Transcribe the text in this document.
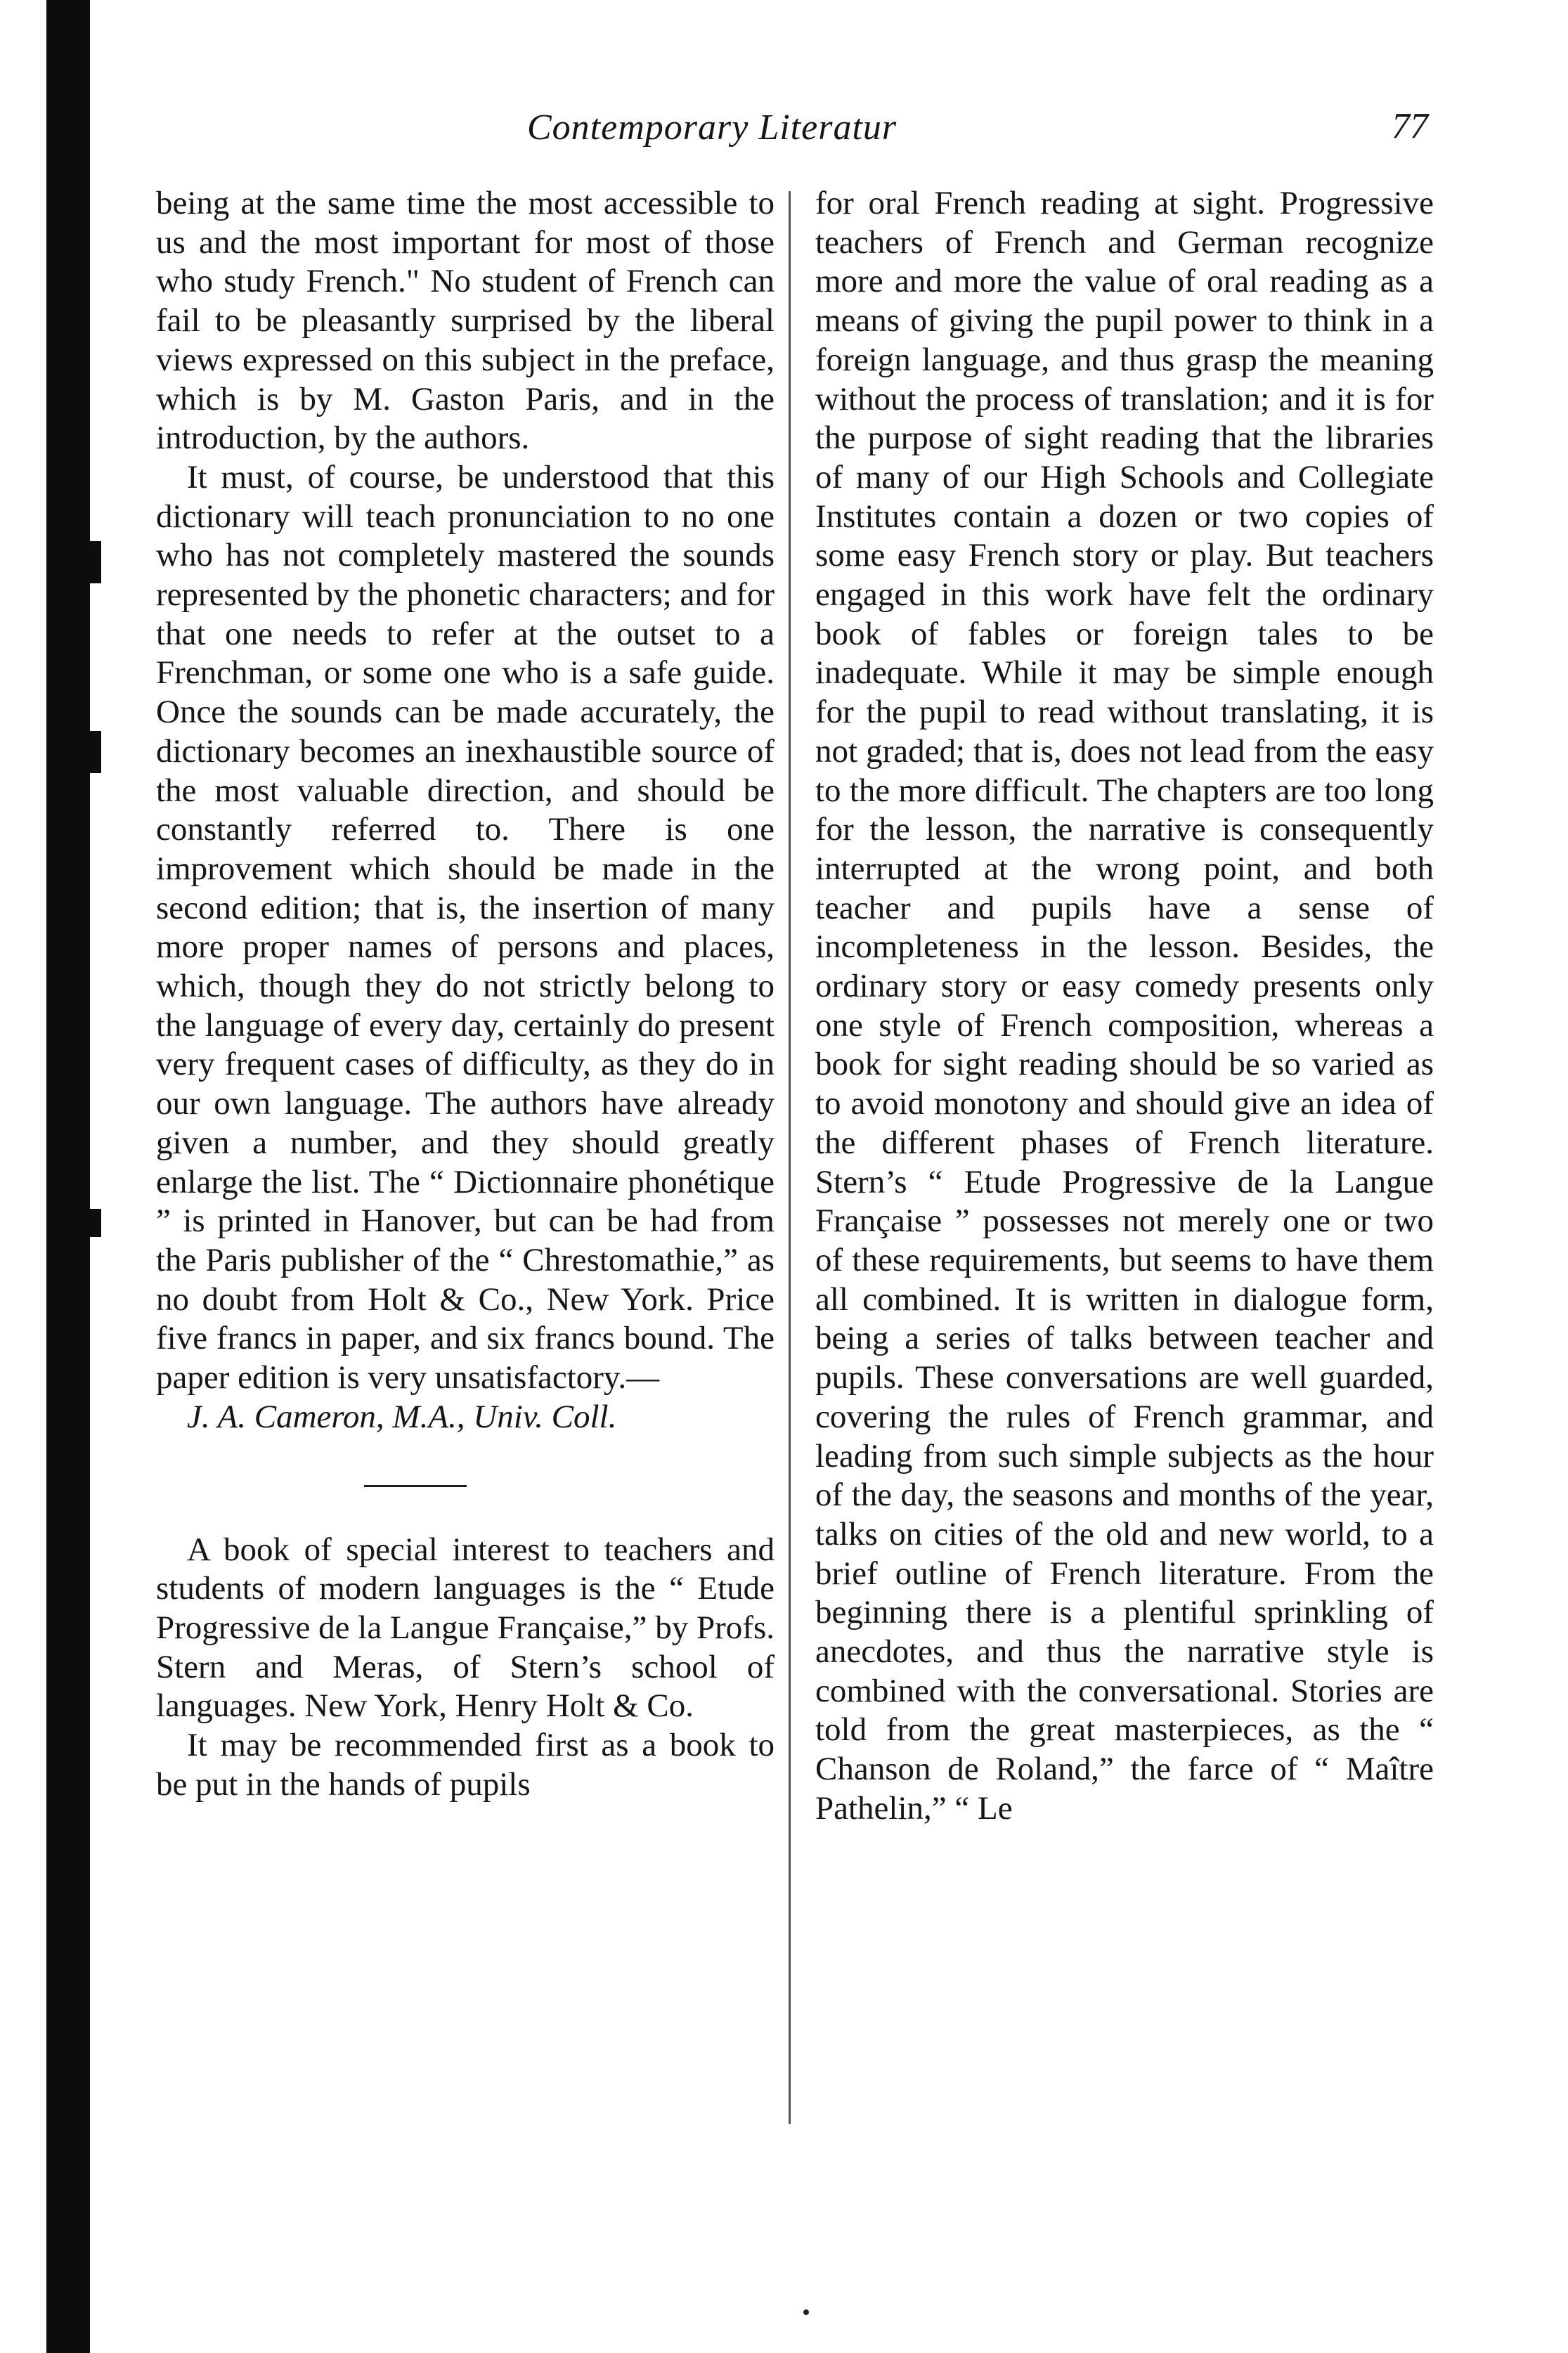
Contemporary Literatur	77

being at the same time the most accessible to us and the most important for most of those who study French." No student of French can fail to be pleasantly surprised by the liberal views expressed on this subject in the preface, which is by M. Gaston Paris, and in the introduction, by the authors.

It must, of course, be understood that this dictionary will teach pronunciation to no one who has not completely mastered the sounds represented by the phonetic characters; and for that one needs to refer at the outset to a Frenchman, or some one who is a safe guide. Once the sounds can be made accurately, the dictionary becomes an inexhaustible source of the most valuable direction, and should be constantly referred to. There is one improvement which should be made in the second edition; that is, the insertion of many more proper names of persons and places, which, though they do not strictly belong to the language of every day, certainly do present very frequent cases of difficulty, as they do in our own language. The authors have already given a number, and they should greatly enlarge the list. The “ Dictionnaire phonétique ” is printed in Hanover, but can be had from the Paris publisher of the “ Chrestomathie,” as no doubt from Holt & Co., New York. Price five francs in paper, and six francs bound. The paper edition is very unsatisfactory.—

J. A. Cameron, M.A., Univ. Coll.

A book of special interest to teachers and students of modern languages is the “ Etude Progressive de la Langue Française,” by Profs. Stern and Meras, of Stern’s school of languages. New York, Henry Holt & Co.

It may be recommended first as a book to be put in the hands of pupils

for oral French reading at sight. Progressive teachers of French and German recognize more and more the value of oral reading as a means of giving the pupil power to think in a foreign language, and thus grasp the meaning without the process of translation; and it is for the purpose of sight reading that the libraries of many of our High Schools and Collegiate Institutes contain a dozen or two copies of some easy French story or play. But teachers engaged in this work have felt the ordinary book of fables or foreign tales to be inadequate. While it may be simple enough for the pupil to read without translating, it is not graded; that is, does not lead from the easy to the more difficult. The chapters are too long for the lesson, the narrative is consequently interrupted at the wrong point, and both teacher and pupils have a sense of incompleteness in the lesson. Besides, the ordinary story or easy comedy presents only one style of French composition, whereas a book for sight reading should be so varied as to avoid monotony and should give an idea of the different phases of French literature. Stern’s “ Etude Progressive de la Langue Française ” possesses not merely one or two of these requirements, but seems to have them all combined. It is written in dialogue form, being a series of talks between teacher and pupils. These conversations are well guarded, covering the rules of French grammar, and leading from such simple subjects as the hour of the day, the seasons and months of the year, talks on cities of the old and new world, to a brief outline of French literature. From the beginning there is a plentiful sprinkling of anecdotes, and thus the narrative style is combined with the conversational. Stories are told from the great masterpieces, as the “ Chanson de Roland,” the farce of “ Maître Pathelin,” “ Le
